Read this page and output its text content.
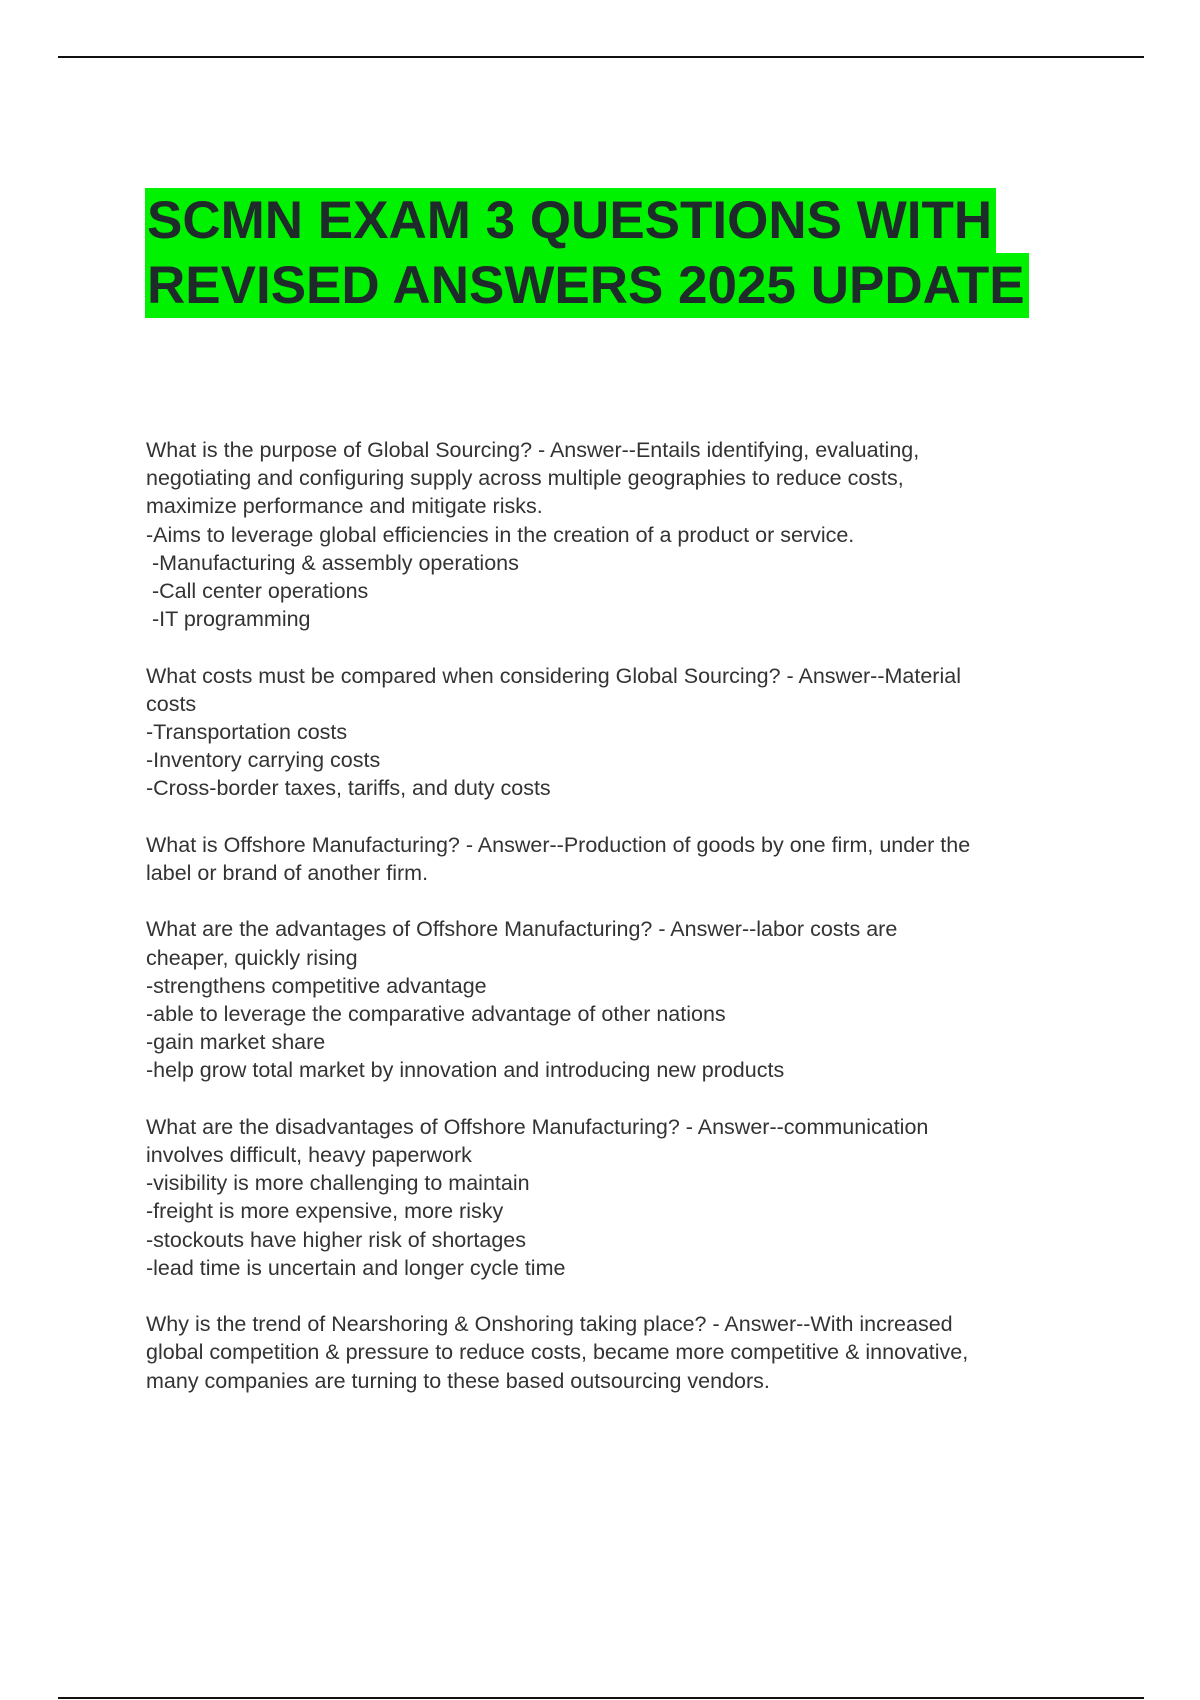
SCMN EXAM 3 QUESTIONS WITH
REVISED ANSWERS 2025 UPDATE
What is the purpose of Global Sourcing? - Answer--Entails identifying, evaluating,
negotiating and configuring supply across multiple geographies to reduce costs,
maximize performance and mitigate risks.
-Aims to leverage global efficiencies in the creation of a product or service.
-Manufacturing & assembly operations
-Call center operations
-IT programming
What costs must be compared when considering Global Sourcing? - Answer--Material
costs
-Transportation costs
-Inventory carrying costs
-Cross-border taxes, tariffs, and duty costs
What is Offshore Manufacturing? - Answer--Production of goods by one firm, under the
label or brand of another firm.
What are the advantages of Offshore Manufacturing? - Answer--labor costs are
cheaper, quickly rising
-strengthens competitive advantage
-able to leverage the comparative advantage of other nations
-gain market share
-help grow total market by innovation and introducing new products
What are the disadvantages of Offshore Manufacturing? - Answer--communication
involves difficult, heavy paperwork
-visibility is more challenging to maintain
-freight is more expensive, more risky
-stockouts have higher risk of shortages
-lead time is uncertain and longer cycle time
Why is the trend of Nearshoring & Onshoring taking place? - Answer--With increased
global competition & pressure to reduce costs, became more competitive & innovative,
many companies are turning to these based outsourcing vendors.
